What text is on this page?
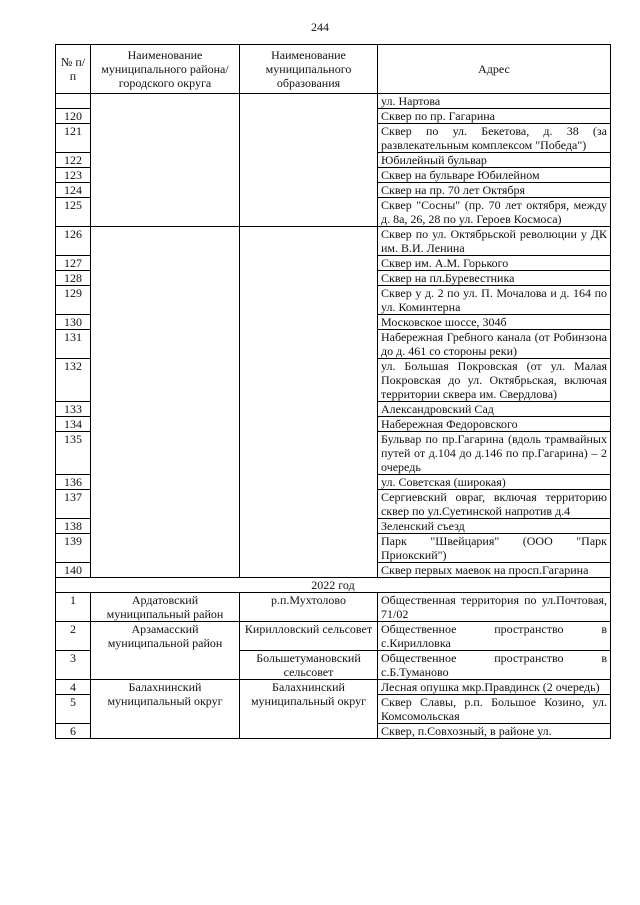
244
№ п/п	Наименование муниципального района/ городского округа	Наименование муниципального образования	Адрес
			ул. Нартова
120			Сквер по пр. Гагарина
121			Сквер по ул. Бекетова, д. 38 (за развлекательным комплексом "Победа")
122			Юбилейный бульвар
123			Сквер на бульваре Юбилейном
124			Сквер на пр. 70 лет Октября
125			Сквер "Сосны" (пр. 70 лет октября, между д. 8а, 26, 28 по ул. Героев Космоса)
126			Сквер по ул. Октябрьской революции у ДК им. В.И. Ленина
127			Сквер им. А.М. Горького
128			Сквер на пл.Буревестника
129			Сквер у д. 2 по ул. П. Мочалова и д. 164 по ул. Коминтерна
130			Московское шоссе, 304б
131			Набережная Гребного канала (от Робинзона до д. 461 со стороны реки)
132			ул. Большая Покровская (от ул. Малая Покровская до ул. Октябрьская, включая территории сквера им. Свердлова)
133			Александровский Сад
134			Набережная Федоровского
135			Бульвар по пр.Гагарина (вдоль трамвайных путей от д.104 до д.146 по пр.Гагарина) – 2 очередь
136			ул. Советская (широкая)
137			Сергиевский овраг, включая территорию сквер по ул.Суетинской напротив д.4
138			Зеленский съезд
139			Парк "Швейцария" (ООО "Парк Приокский")
140			Сквер первых маевок на просп.Гагарина
2022 год			
1	Ардатовский муниципальный район	р.п.Мухтолово	Общественная территория по ул.Почтовая, 71/02
2	Арзамасский муниципальной район	Кирилловский сельсовет	Общественное пространство в с.Кирилловка
3		Большетумановский сельсовет	Общественное пространство в с.Б.Туманово
4	Балахнинский муниципальный округ	Балахнинский муниципальный округ	Лесная опушка мкр.Правдинск (2 очередь)
5			Сквер Славы, р.п. Большое Козино, ул. Комсомольская
6			Сквер, п.Совхозный, в районе ул.
